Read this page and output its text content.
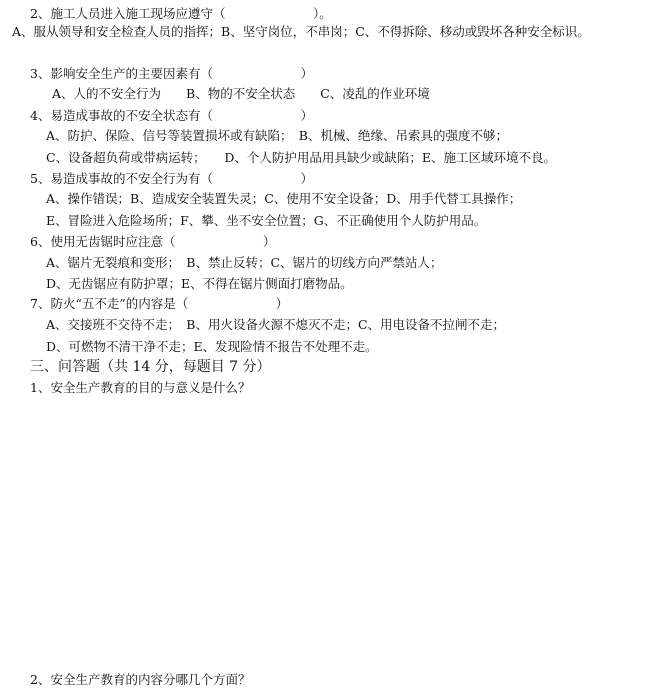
2、施工人员进入施工现场应遵守（　　　　　　　）。
A、服从领导和安全检查人员的指挥；B、坚守岗位，不串岗；C、不得拆除、移动或毁坏各种安全标识。
3、影响安全生产的主要因素有（　　　　　　　）
A、人的不安全行为　　B、物的不安全状态　　C、凌乱的作业环境
4、易造成事故的不安全状态有（　　　　　　　）
A、防护、保险、信号等装置损坏或有缺陷；　B、机械、绝缘、吊索具的强度不够；
C、设备超负荷或带病运转；　　D、个人防护用品用具缺少或缺陷；E、施工区域环境不良。
5、易造成事故的不安全行为有（　　　　　　　）
A、操作错误；B、造成安全装置失灵；C、使用不安全设备；D、用手代替工具操作；
E、冒险进入危险场所；F、攀、坐不安全位置；G、不正确使用个人防护用品。
6、使用无齿锯时应注意（　　　　　　　）
A、锯片无裂痕和变形；　B、禁止反转；C、锯片的切线方向严禁站人；
D、无齿锯应有防护罩；E、不得在锯片侧面打磨物品。
7、防火“五不走”的内容是（　　　　　　　）
A、交接班不交待不走；　B、用火设备火源不熄灭不走；C、用电设备不拉闸不走；
D、可燃物不清干净不走；E、发现险情不报告不处理不走。
三、问答题（共 14 分，每题目 7 分）
1、安全生产教育的目的与意义是什么？
2、安全生产教育的内容分哪几个方面？
